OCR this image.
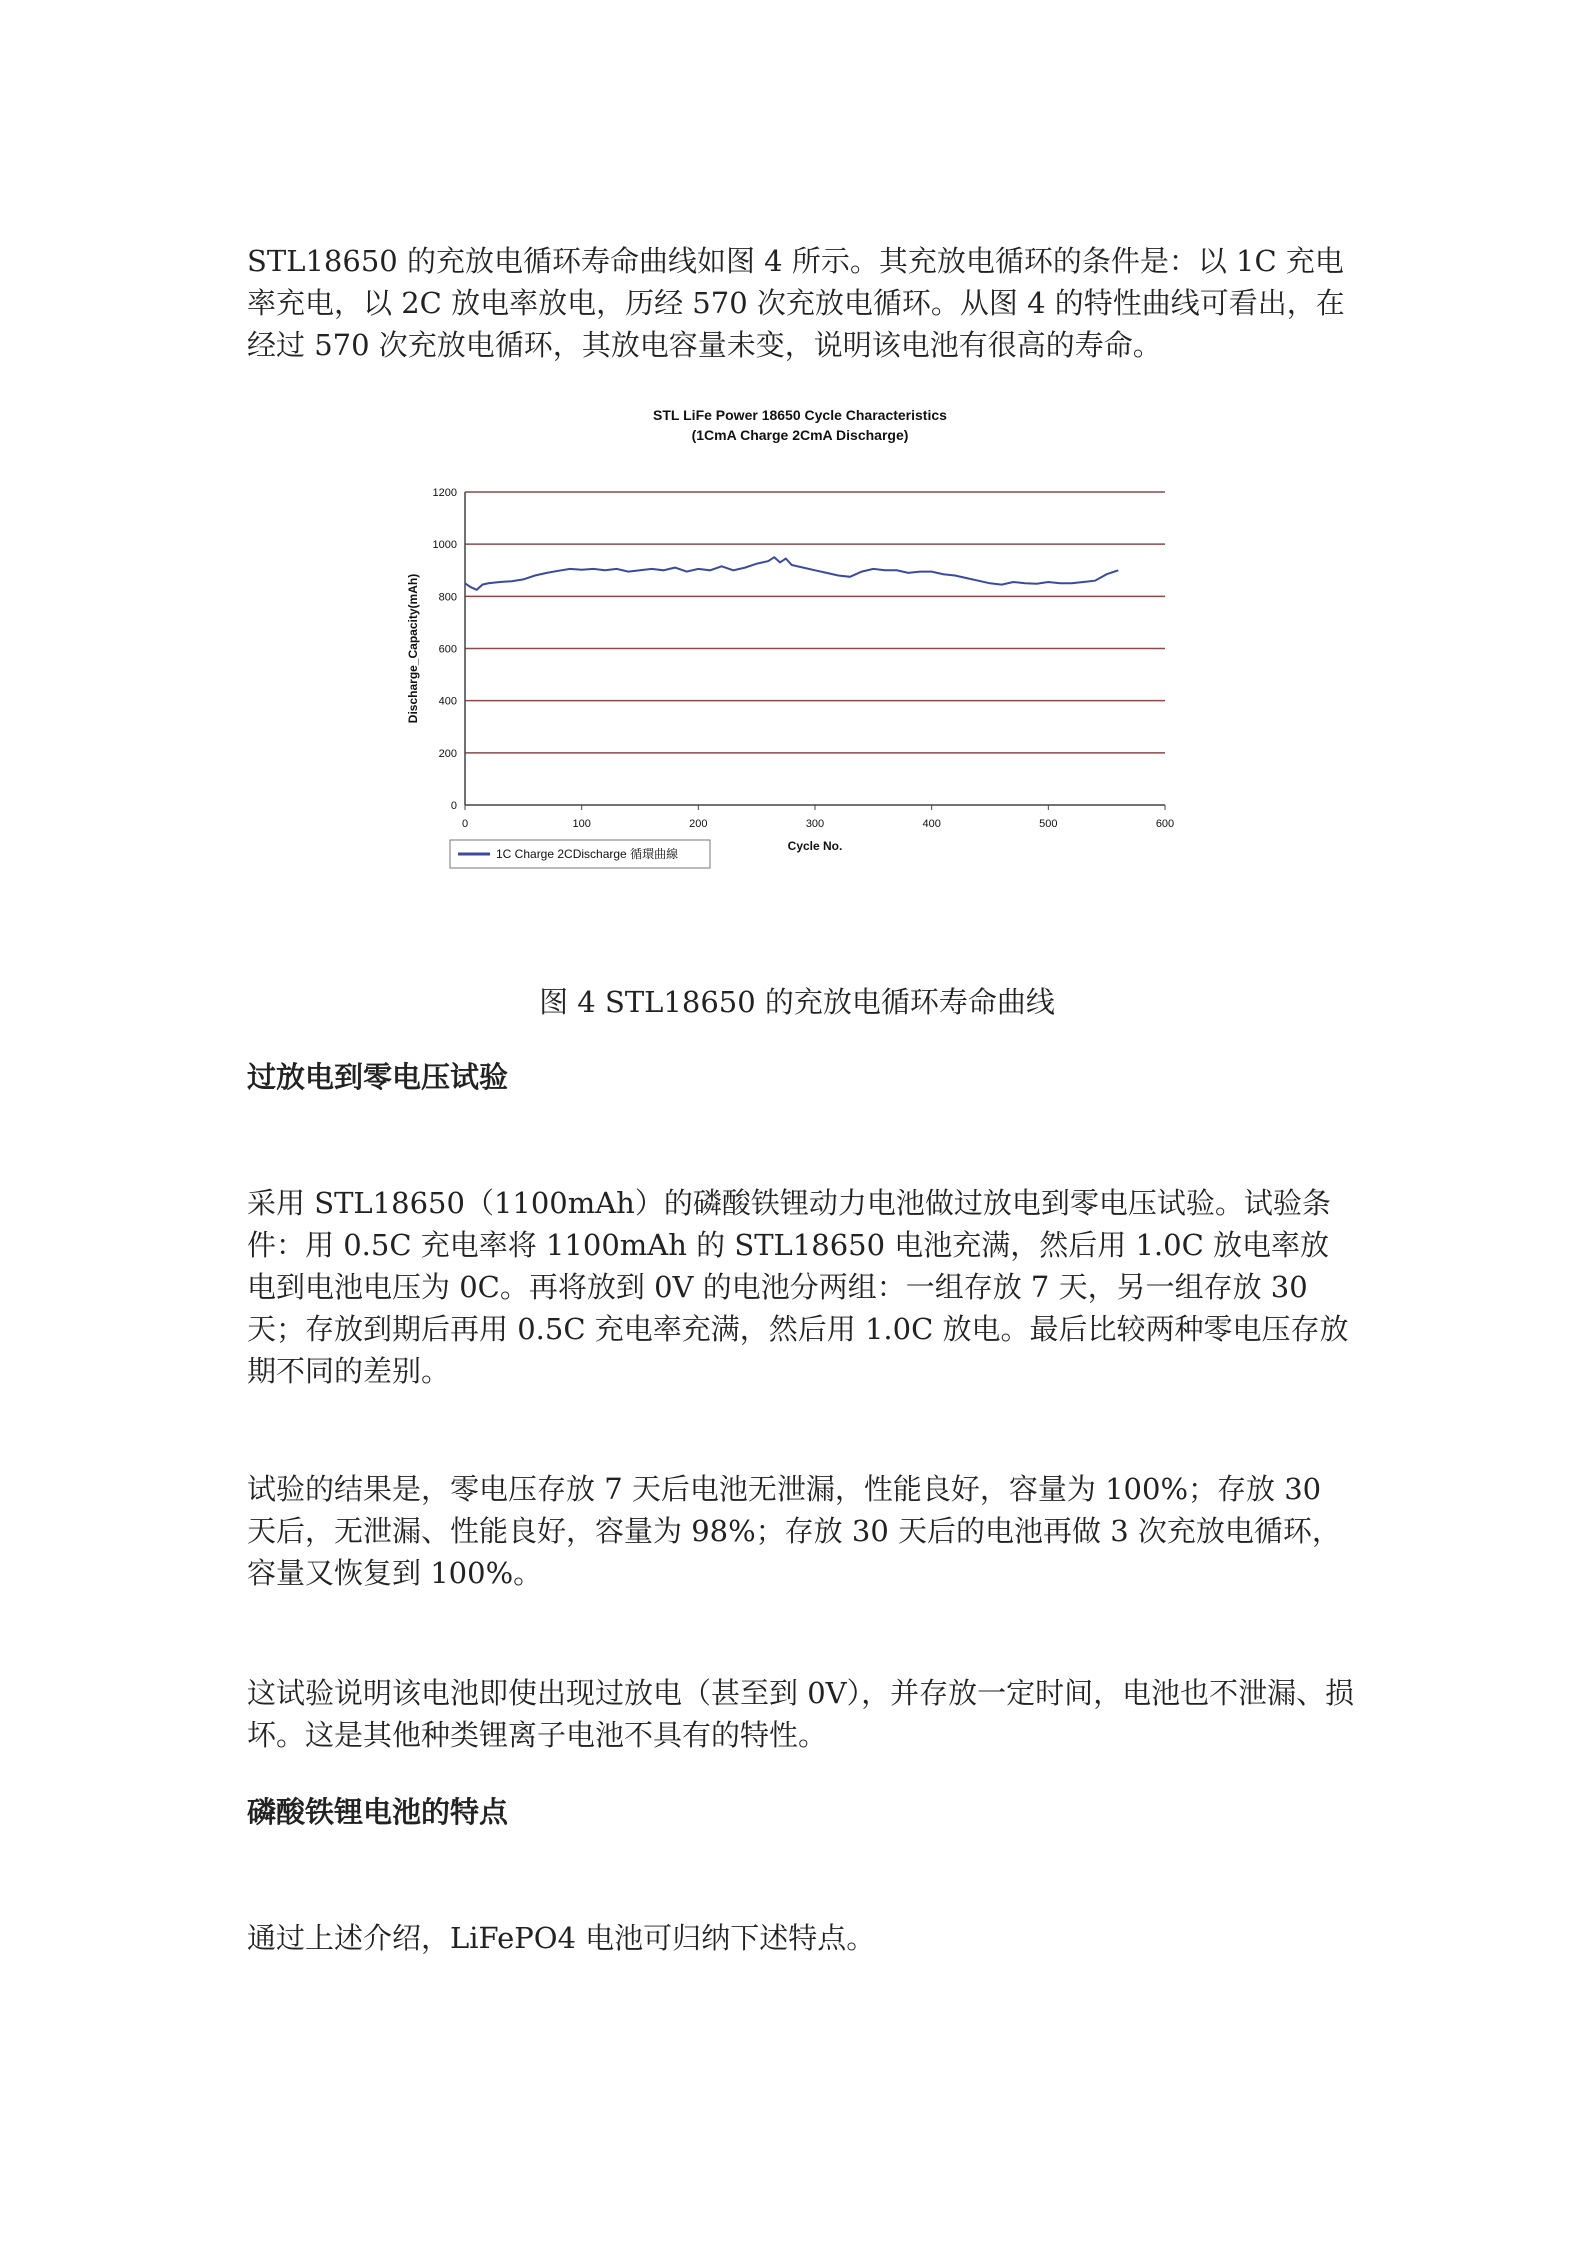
STL18650 的充放电循环寿命曲线如图 4 所示。其充放电循环的条件是：以 1C 充电率充电，以 2C 放电率放电，历经 570 次充放电循环。从图 4 的特性曲线可看出，在经过 570 次充放电循环，其放电容量未变，说明该电池有很高的寿命。

STL LiFe Power 18650 Cycle Characteristics
(1CmA Charge 2CmA Discharge)
0
200
400
600
800
1000
1200
0	100	200	300	400	500	600
Cycle No.
Discharge_Capacity(mAh)
1C Charge 2CDischarge 循環曲線
图 4 STL18650 的充放电循环寿命曲线
过放电到零电压试验

采用 STL18650（1100mAh）的磷酸铁锂动力电池做过放电到零电压试验。试验条件：用 0.5C 充电率将 1100mAh 的 STL18650 电池充满，然后用 1.0C 放电率放电到电池电压为 0C。再将放到 0V 的电池分两组：一组存放 7 天，另一组存放 30 天；存放到期后再用 0.5C 充电率充满，然后用 1.0C 放电。最后比较两种零电压存放期不同的差别。

试验的结果是，零电压存放 7 天后电池无泄漏，性能良好，容量为 100%；存放 30 天后，无泄漏、性能良好，容量为 98%；存放 30 天后的电池再做 3 次充放电循环，容量又恢复到 100%。

这试验说明该电池即使出现过放电（甚至到 0V），并存放一定时间，电池也不泄漏、损坏。这是其他种类锂离子电池不具有的特性。

磷酸铁锂电池的特点

通过上述介绍，LiFePO4 电池可归纳下述特点。
